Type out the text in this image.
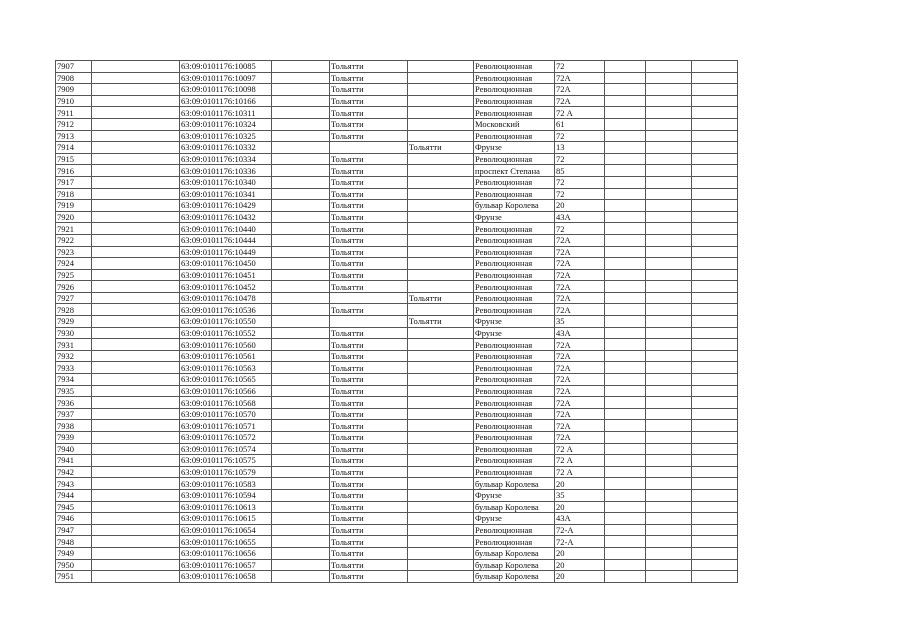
7907		63:09:0101176:10085		Тольятти		Революционная	72			
7908		63:09:0101176:10097		Тольятти		Революционная	72А			
7909		63:09:0101176:10098		Тольятти		Революционная	72А			
7910		63:09:0101176:10166		Тольятти		Революционная	72А			
7911		63:09:0101176:10311		Тольятти		Революционная	72 А			
7912		63:09:0101176:10324		Тольятти		Московский	61			
7913		63:09:0101176:10325		Тольятти		Революционная	72			
7914		63:09:0101176:10332			Тольятти	Фрунзе	13			
7915		63:09:0101176:10334		Тольятти		Революционная	72			
7916		63:09:0101176:10336		Тольятти		проспект Степана	85			
7917		63:09:0101176:10340		Тольятти		Революционная	72			
7918		63:09:0101176:10341		Тольятти		Революционная	72			
7919		63:09:0101176:10429		Тольятти		бульвар Королева	20			
7920		63:09:0101176:10432		Тольятти		Фрунзе	43А			
7921		63:09:0101176:10440		Тольятти		Революционная	72			
7922		63:09:0101176:10444		Тольятти		Революционная	72А			
7923		63:09:0101176:10449		Тольятти		Революционная	72А			
7924		63:09:0101176:10450		Тольятти		Революционная	72А			
7925		63:09:0101176:10451		Тольятти		Революционная	72А			
7926		63:09:0101176:10452		Тольятти		Революционная	72А			
7927		63:09:0101176:10478			Тольятти	Революционная	72А			
7928		63:09:0101176:10536		Тольятти		Революционная	72А			
7929		63:09:0101176:10550			Тольятти	Фрунзе	35			
7930		63:09:0101176:10552		Тольятти		Фрунзе	43А			
7931		63:09:0101176:10560		Тольятти		Революционная	72А			
7932		63:09:0101176:10561		Тольятти		Революционная	72А			
7933		63:09:0101176:10563		Тольятти		Революционная	72А			
7934		63:09:0101176:10565		Тольятти		Революционная	72А			
7935		63:09:0101176:10566		Тольятти		Революционная	72А			
7936		63:09:0101176:10568		Тольятти		Революционная	72А			
7937		63:09:0101176:10570		Тольятти		Революционная	72А			
7938		63:09:0101176:10571		Тольятти		Революционная	72А			
7939		63:09:0101176:10572		Тольятти		Революционная	72А			
7940		63:09:0101176:10574		Тольятти		Революционная	72 А			
7941		63:09:0101176:10575		Тольятти		Революционная	72 А			
7942		63:09:0101176:10579		Тольятти		Революционная	72 А			
7943		63:09:0101176:10583		Тольятти		бульвар Королева	20			
7944		63:09:0101176:10594		Тольятти		Фрунзе	35			
7945		63:09:0101176:10613		Тольятти		бульвар Королева	20			
7946		63:09:0101176:10615		Тольятти		Фрунзе	43А			
7947		63:09:0101176:10654		Тольятти		Революционная	72-А			
7948		63:09:0101176:10655		Тольятти		Революционная	72-А			
7949		63:09:0101176:10656		Тольятти		бульвар Королева	20			
7950		63:09:0101176:10657		Тольятти		бульвар Королева	20			
7951		63:09:0101176:10658		Тольятти		бульвар Королева	20			
